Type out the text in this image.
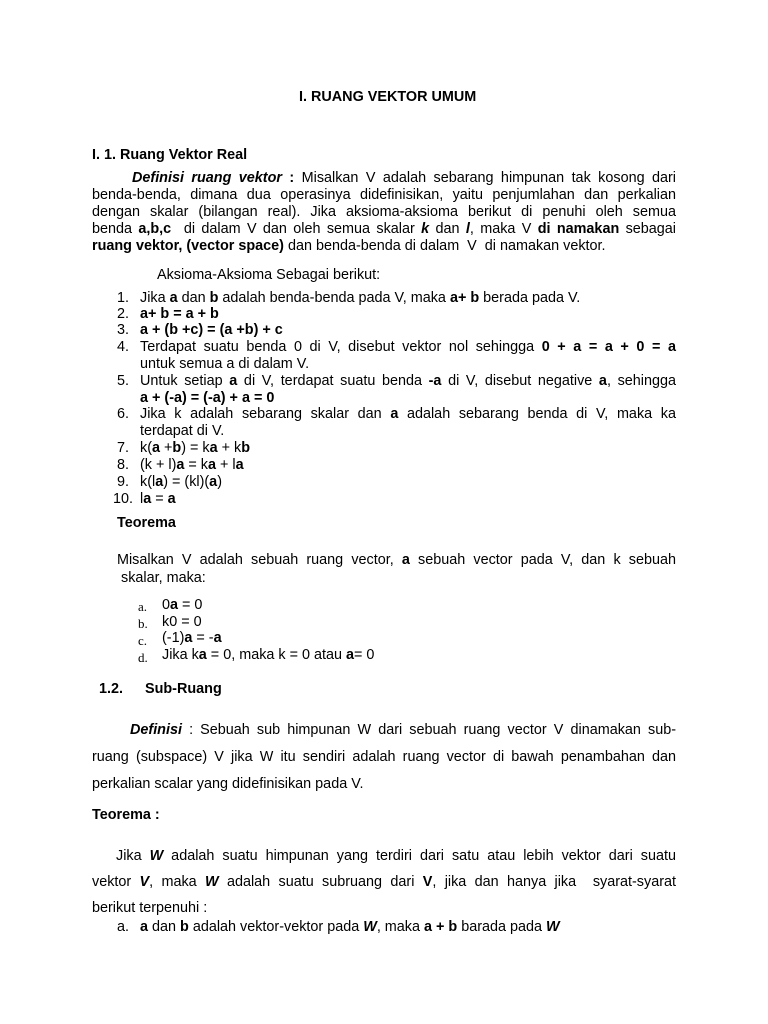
I. RUANG VEKTOR UMUM
I. 1. Ruang Vektor Real
Definisi ruang vektor : Misalkan V adalah sebarang himpunan tak kosong dari
benda-benda, dimana dua operasinya didefinisikan, yaitu penjumlahan dan perkalian
dengan skalar (bilangan real). Jika aksioma-aksioma berikut di penuhi oleh semua
benda a,b,c  di dalam V dan oleh semua skalar k dan l, maka V di namakan sebagai
ruang vektor, (vector space) dan benda-benda di dalam  V  di namakan vektor.
Aksioma-Aksioma Sebagai berikut:
1. Jika a dan b adalah benda-benda pada V, maka a+ b berada pada V.
2. a+ b = a + b
3. a + (b +c) = (a +b) + c
4. Terdapat suatu benda 0 di V, disebut vektor nol sehingga 0 + a = a + 0 = a
untuk semua a di dalam V.
5. Untuk setiap a di V, terdapat suatu benda -a di V, disebut negative a, sehingga
a + (-a) = (-a) + a = 0
6. Jika k adalah sebarang skalar dan a adalah sebarang benda di V, maka ka
terdapat di V.
7. k(a +b) = ka + kb
8. (k + l)a = ka + la
9. k(la) = (kl)(a)
10. la = a
Teorema
Misalkan V adalah sebuah ruang vector, a sebuah vector pada V, dan k sebuah
skalar, maka:
a. 0a = 0
b. k0 = 0
c. (-1)a = -a
d. Jika ka = 0, maka k = 0 atau a= 0
1.2. Sub-Ruang
Definisi : Sebuah sub himpunan W dari sebuah ruang vector V dinamakan sub-
ruang (subspace) V jika W itu sendiri adalah ruang vector di bawah penambahan dan
perkalian scalar yang didefinisikan pada V.
Teorema :
Jika W adalah suatu himpunan yang terdiri dari satu atau lebih vektor dari suatu
vektor V, maka W adalah suatu subruang dari V, jika dan hanya jika  syarat-syarat
berikut terpenuhi :
a. a dan b adalah vektor-vektor pada W, maka a + b barada pada W
